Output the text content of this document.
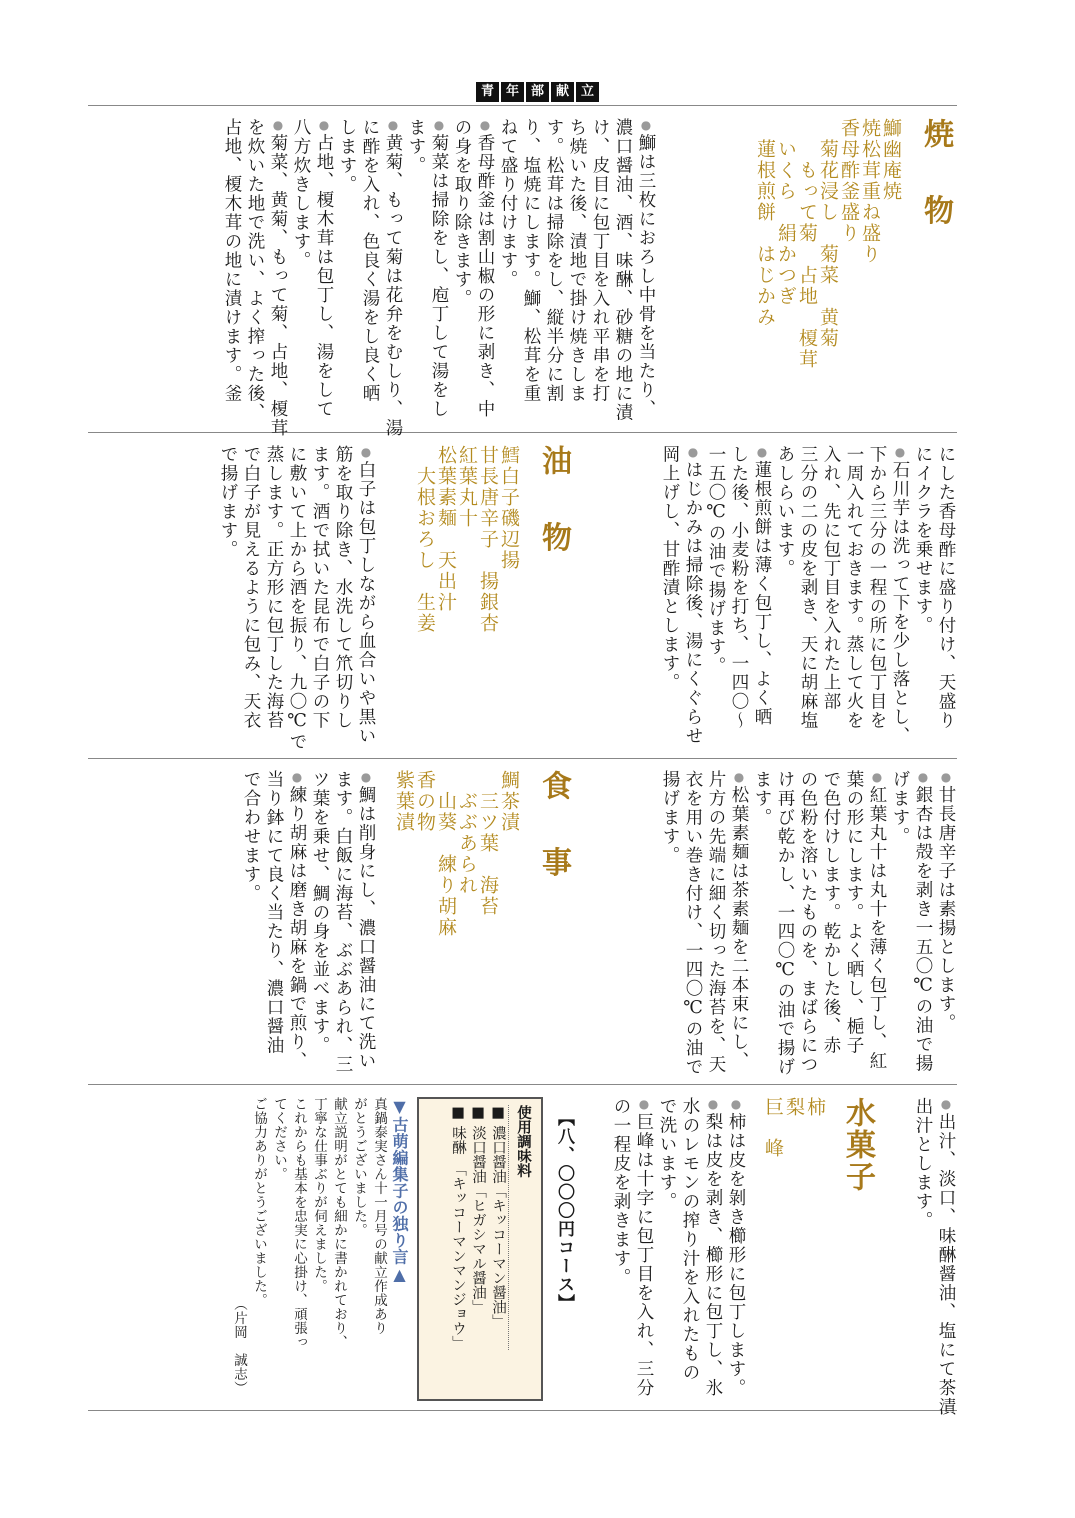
青 年 部 献 立
焼 物
鰤幽庵焼
焼松茸重ね盛り
香母酢釜盛り
　菊花浸し　菊菜　黄菊
　　もって菊　占地　榎茸
　いくら　絹かつぎ
　蓮根煎餅　はじかみ
●鰤は三枚におろし中骨を当たり、
濃口醤油、酒、味醂、砂糖の地に漬
け、皮目に包丁目を入れ平串を打
ち焼いた後、漬地で掛け焼きしま
す。松茸は掃除をし、縦半分に割
り、塩焼にします。鰤、松茸を重
ねて盛り付けます。
●香母酢釜は割山椒の形に剥き、中
の身を取り除きます。
●菊菜は掃除をし、庖丁して湯をし
ます。
●黄菊、もって菊は花弁をむしり、湯
に酢を入れ、色良く湯をし良く晒
します。
●占地、榎木茸は包丁し、湯をして
八方炊きします。
●菊菜、黄菊、もって菊、占地、榎茸
を炊いた地で洗い、よく搾った後、
占地、榎木茸の地に漬けます。釜
にした香母酢に盛り付け、天盛り
にイクラを乗せます。
●石川芋は洗って下を少し落とし、
下から三分の一程の所に包丁目を
一周入れておきます。蒸して火を
入れ、先に包丁目を入れた上部
三分の二の皮を剥き、天に胡麻塩
あしらいます。
●蓮根煎餅は薄く包丁し、よく晒
した後、小麦粉を打ち、一四〇～
一五〇℃の油で揚げます。
●はじかみは掃除後、湯にくぐらせ
岡上げし、甘酢漬とします。
油 物
鱈白子磯辺揚
甘長唐辛子　揚銀杏
紅葉丸十
松葉素麺　天出汁
　大根おろし　生姜
●白子は包丁しながら血合いや黒い
筋を取り除き、水洗して笊切りし
ます。酒で拭いた昆布で白子の下
に敷いて上から酒を振り、九〇℃で
蒸します。正方形に包丁した海苔
で白子が見えるように包み、天衣
で揚げます。
●甘長唐辛子は素揚とします。
●銀杏は殻を剥き一五〇℃の油で揚
げます。
●紅葉丸十は丸十を薄く包丁し、紅
葉の形にします。よく晒し、梔子
で色付けします。乾かした後、赤
の色粉を溶いたものを、まばらにつ
け再び乾かし、一四〇℃の油で揚げ
ます。
●松葉素麺は茶素麺を二本束にし、
片方の先端に細く切った海苔を、天
衣を用い巻き付け、一四〇℃の油で
揚げます。
食 事
鯛茶漬
　三ツ葉　海苔
　ぶぶあられ
　山葵　練り胡麻
香の物
紫葉漬
●鯛は削身にし、濃口醤油にて洗い
ます。白飯に海苔、ぶぶあられ、三
ツ葉を乗せ、鯛の身を並べます。
●練り胡麻は磨き胡麻を鍋で煎り、
当り鉢にて良く当たり、濃口醤油
で合わせます。
●出汁、淡口、味醂醤油、塩にて茶漬
出汁とします。
水菓子
柿
梨
巨峰
●柿は皮を剝き櫛形に包丁します。
●梨は皮を剥き、櫛形に包丁し、氷
水のレモンの搾り汁を入れたもの
で洗います。
●巨峰は十字に包丁目を入れ、三分
の一程皮を剥きます。
【八、〇〇〇円コース】
使用調味料
■ 濃口醤油「キッコーマン醤油」
■ 淡口醤油「ヒガシマル醤油」
■ 味醂　「キッコーマンマンジョウ」
▼古萌編集子の独り言▲
真鍋泰実さん十一月号の献立作成あり
がとうございました。
献立説明がとても細かに書かれており、
丁寧な仕事ぶりが伺えました。
これからも基本を忠実に心掛け、頑張っ
てください。
ご協力ありがとうございました。
（片岡　誠志）
